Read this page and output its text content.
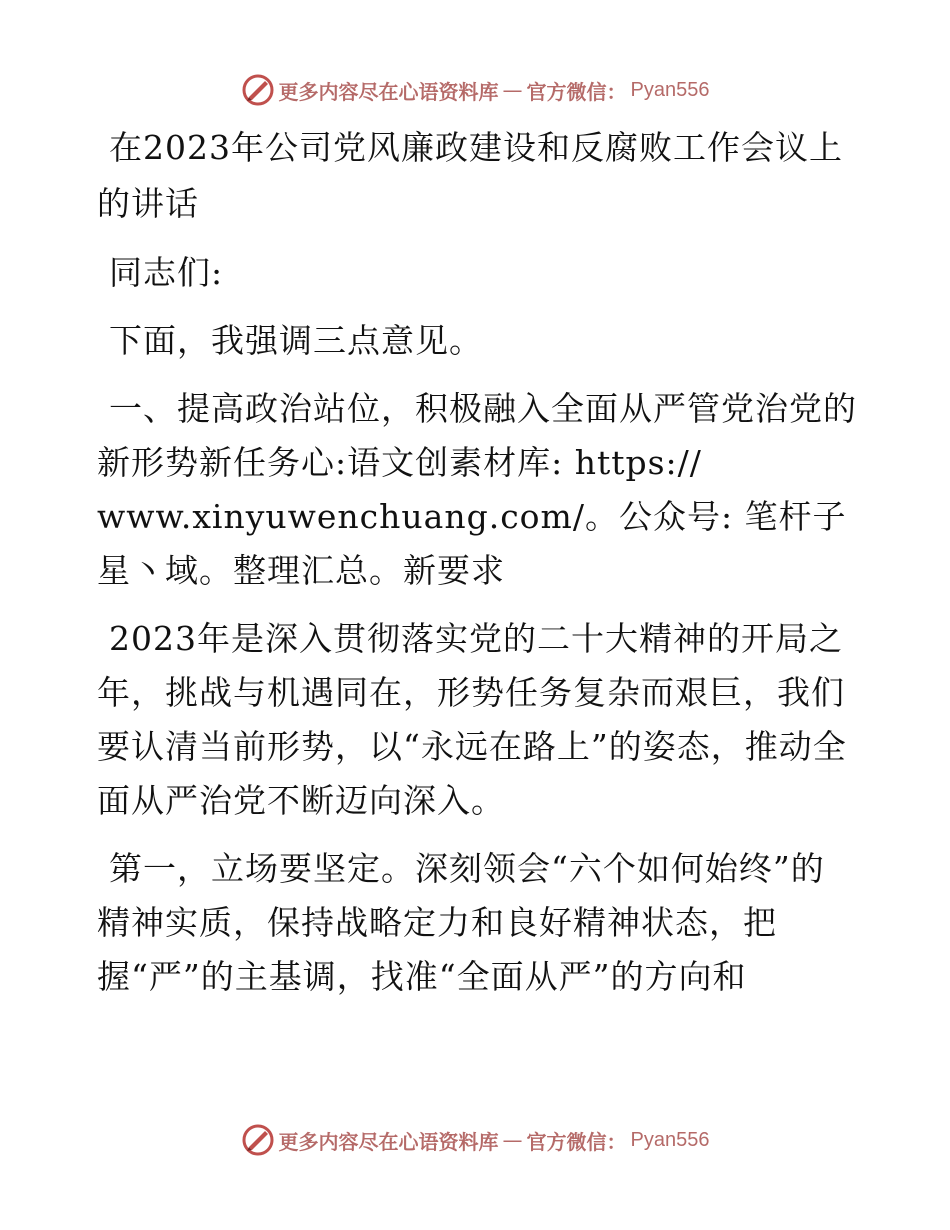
更多内容尽在心语资料库 — 官方微信： Pyan556

在2023年公司党风廉政建设和反腐败工作会议上的讲话

同志们:

下面，我强调三点意见。

一、提高政治站位，积极融入全面从严管党治党的新形势新任务心:语文创素材库: https:// www.xinyuwenchuang.com/。公众号: 笔杆子星丶域。整理汇总。新要求

2023年是深入贯彻落实党的二十大精神的开局之年，挑战与机遇同在，形势任务复杂而艰巨，我们要认清当前形势，以“永远在路上”的姿态，推动全面从严治党不断迈向深入。

第一，立场要坚定。深刻领会“六个如何始终”的精神实质，保持战略定力和良好精神状态，把握“严”的主基调，找准“全面从严”的方向和

更多内容尽在心语资料库 — 官方微信： Pyan556
